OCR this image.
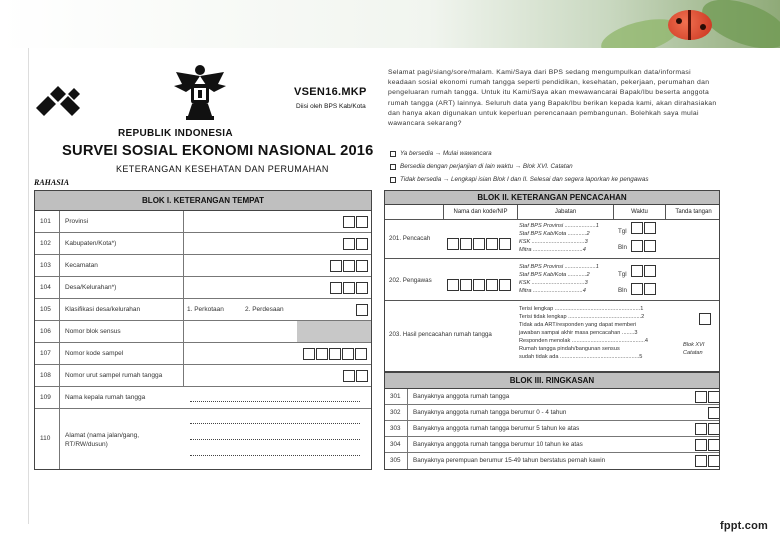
VSEN16.MKP
Diisi oleh BPS Kab/Kota
REPUBLIK INDONESIA
SURVEI SOSIAL EKONOMI NASIONAL 2016
KETERANGAN KESEHATAN DAN PERUMAHAN
RAHASIA
Selamat pagi/siang/sore/malam. Kami/Saya dari BPS sedang mengumpulkan data/informasi keadaan sosial ekonomi rumah tangga seperti pendidikan, kesehatan, pekerjaan, perumahan dan pengeluaran rumah tangga. Untuk itu Kami/Saya akan mewawancarai Bapak/Ibu beserta anggota rumah tangga (ART) lainnya. Seluruh data yang Bapak/Ibu berikan kepada kami, akan dirahasiakan dan hanya akan digunakan untuk keperluan perencanaan pembangunan. Bolehkah saya mulai wawancara sekarang?
Ya bersedia → Mulai wawancara
Bersedia dengan perjanjian di lain waktu → Blok XVI. Catatan
Tidak bersedia → Lengkapi isian Blok I dan II. Selesai dan segera laporkan ke pengawas
BLOK I. KETERANGAN TEMPAT
101 Provinsi
102 Kabupaten/Kota*)
103 Kecamatan
104 Desa/Kelurahan*)
105 Klasifikasi desa/kelurahan	1. Perkotaan	2. Perdesaan
106 Nomor blok sensus
107 Nomor kode sampel
108 Nomor urut sampel rumah tangga
109 Nama kepala rumah tangga
110 Alamat (nama jalan/gang, RT/RW/dusun)
BLOK II. KETERANGAN PENCACAHAN
Nama dan kode/NIP	Jabatan	Waktu	Tanda tangan
201. Pencacah
Staf BPS Provinsi ....................1
Staf BPS Kab/Kota ............2
KSK ..................................3
Mitra ................................4
Tgl
Bln
202. Pengawas
Staf BPS Provinsi ....................1
Staf BPS Kab/Kota ............2
KSK ..................................3
Mitra ................................4
Tgl
Bln
203. Hasil pencacahan rumah tangga
Terisi lengkap .......................................................1
Terisi tidak lengkap ...............................................2
Tidak ada ART/responden yang dapat memberi
jawaban sampai akhir masa pencacahan ........3
Responden menolak ...............................................4
Rumah tangga pindah/bangunan sensus
sudah tidak ada ...................................................5
Blok XVI Catatan
BLOK III. RINGKASAN
301 Banyaknya anggota rumah tangga
302 Banyaknya anggota rumah tangga berumur 0 - 4 tahun
303 Banyaknya anggota rumah tangga berumur 5 tahun ke atas
304 Banyaknya anggota rumah tangga berumur 10 tahun ke atas
305 Banyaknya perempuan berumur 15-49 tahun berstatus pernah kawin
fppt.com
